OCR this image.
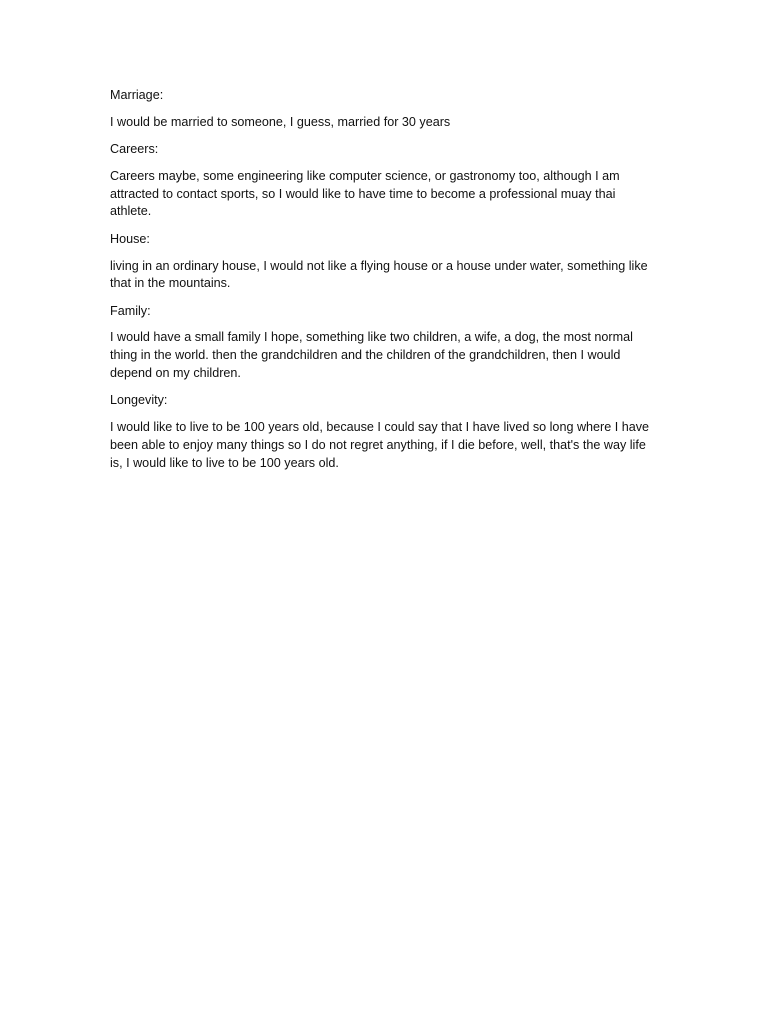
Marriage:

I would be married to someone, I guess, married for 30 years

Careers:

Careers maybe, some engineering like computer science, or gastronomy too, although I am attracted to contact sports, so I would like to have time to become a professional muay thai athlete.

House:

living in an ordinary house, I would not like a flying house or a house under water, something like that in the mountains.

Family:

I would have a small family I hope, something like two children, a wife, a dog, the most normal thing in the world. then the grandchildren and the children of the grandchildren, then I would depend on my children.

Longevity:

I would like to live to be 100 years old, because I could say that I have lived so long where I have been able to enjoy many things so I do not regret anything, if I die before, well, that's the way life is, I would like to live to be 100 years old.
